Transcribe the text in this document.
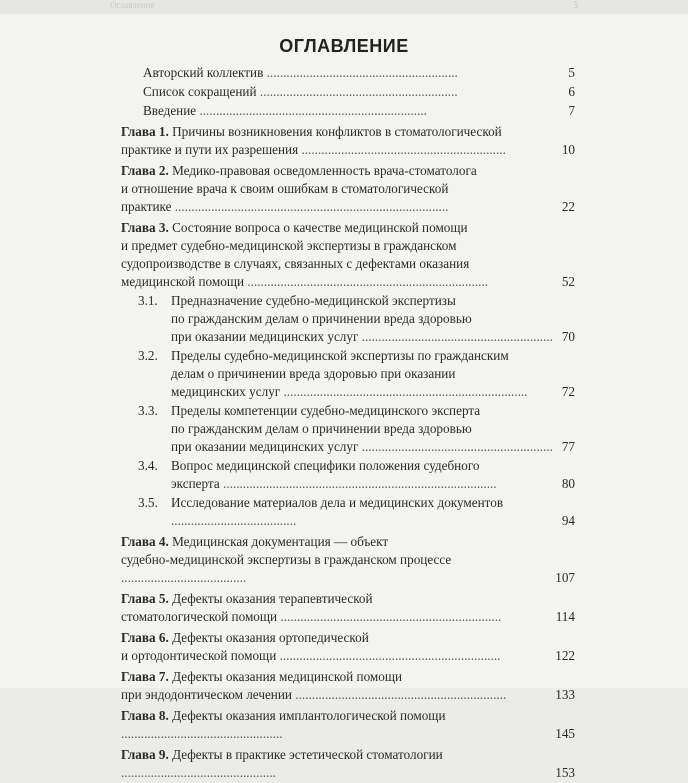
Оглавление	5
ОГЛАВЛЕНИЕ
Авторский коллектив ..........................................................	5
Список сокращений ............................................................	6
Введение .....................................................................	7
Глава 1. Причины возникновения конфликтов в стоматологической
практике и пути их разрешения ..............................................................	10
Глава 2. Медико-правовая осведомленность врача-стоматолога
и отношение врача к своим ошибкам в стоматологической
практике ...................................................................................	22
Глава 3. Состояние вопроса о качестве медицинской помощи
и предмет судебно-медицинской экспертизы в гражданском
судопроизводстве в случаях, связанных с дефектами оказания
медицинской помощи .........................................................................	52
3.1. Предназначение судебно-медицинской экспертизы
по гражданским делам о причинении вреда здоровью
при оказании медицинских услуг .......................................................... 70
3.2. Пределы судебно-медицинской экспертизы по гражданским
делам о причинении вреда здоровью при оказании
медицинских услуг ..........................................................................	72
3.3. Пределы компетенции судебно-медицинского эксперта
по гражданским делам о причинении вреда здоровью
при оказании медицинских услуг .......................................................... 77
3.4. Вопрос медицинской специфики положения судебного
эксперта ...................................................................................	80
3.5. Исследование материалов дела и медицинских документов ......................................	94
Глава 4. Медицинская документация — объект
судебно-медицинской экспертизы в гражданском процессе ......................................	107
Глава 5. Дефекты оказания терапевтической
стоматологической помощи ...................................................................	114
Глава 6. Дефекты оказания ортопедической
и ортодонтической помощи ...................................................................	122
Глава 7. Дефекты оказания медицинской помощи
при эндодонтическом лечении ................................................................	133
Глава 8. Дефекты оказания имплантологической помощи .................................................	145
Глава 9. Дефекты в практике эстетической стоматологии ...............................................	153
